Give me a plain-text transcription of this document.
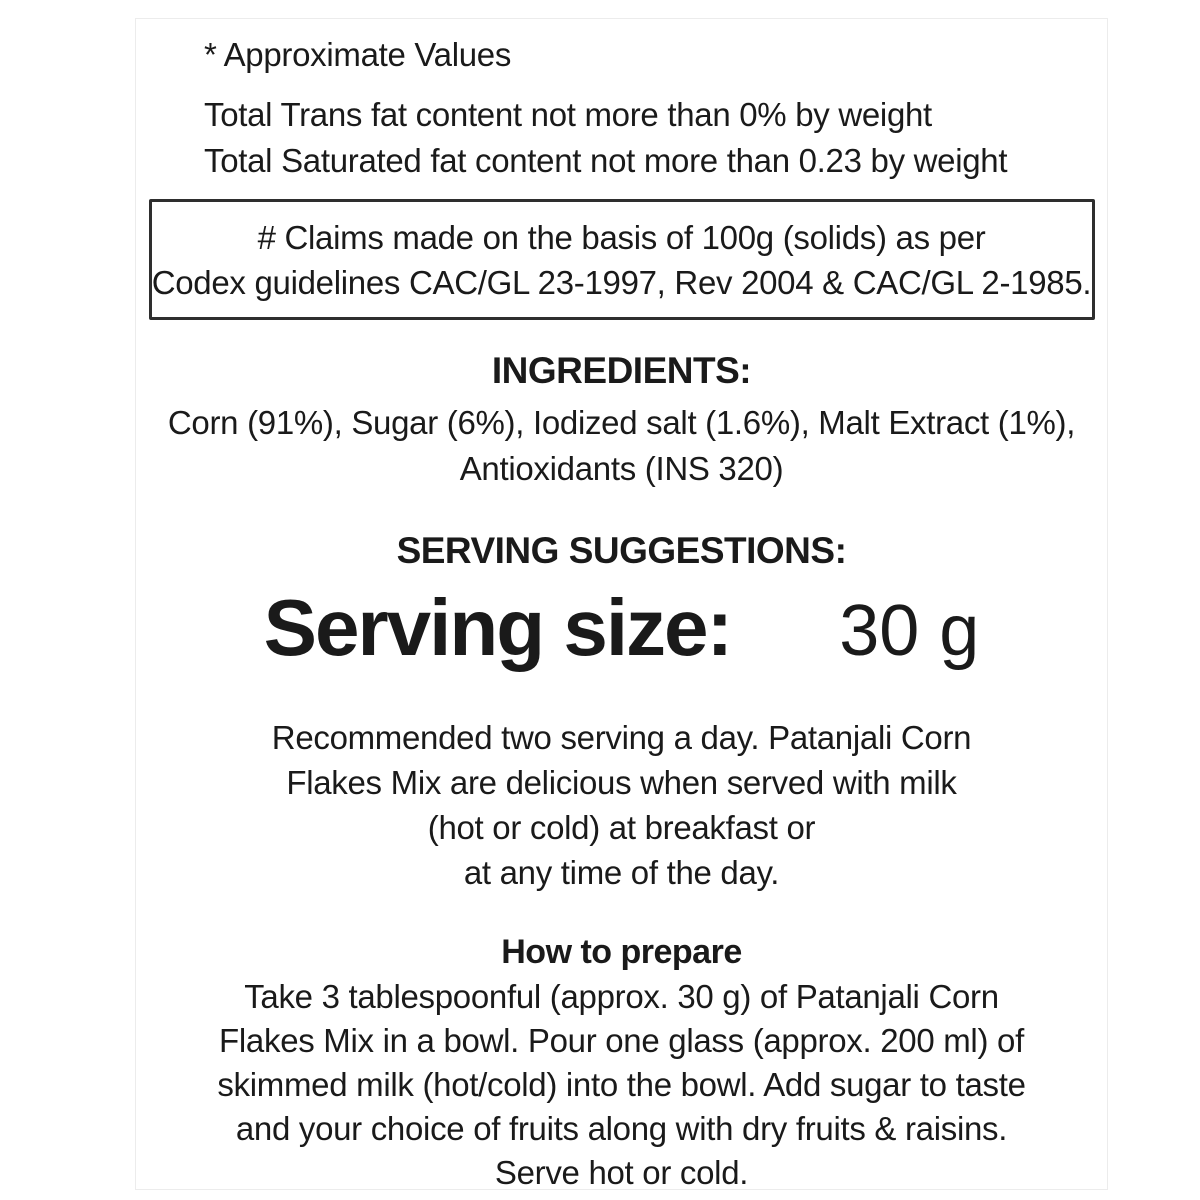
* Approximate Values
Total Trans fat content not more than 0% by weight
Total Saturated fat content not more than 0.23 by weight
# Claims made on the basis of 100g (solids) as per
Codex guidelines CAC/GL 23-1997, Rev 2004 & CAC/GL 2-1985.
INGREDIENTS:
Corn (91%), Sugar (6%), Iodized salt (1.6%), Malt Extract (1%),
Antioxidants (INS 320)
SERVING SUGGESTIONS:
Serving size: 30 g
Recommended two serving a day. Patanjali Corn
Flakes Mix are delicious when served with milk
(hot or cold) at breakfast or
at any time of the day.
How to prepare
Take 3 tablespoonful (approx. 30 g) of Patanjali Corn
Flakes Mix in a bowl. Pour one glass (approx. 200 ml) of
skimmed milk (hot/cold) into the bowl. Add sugar to taste
and your choice of fruits along with dry fruits & raisins.
Serve hot or cold.
